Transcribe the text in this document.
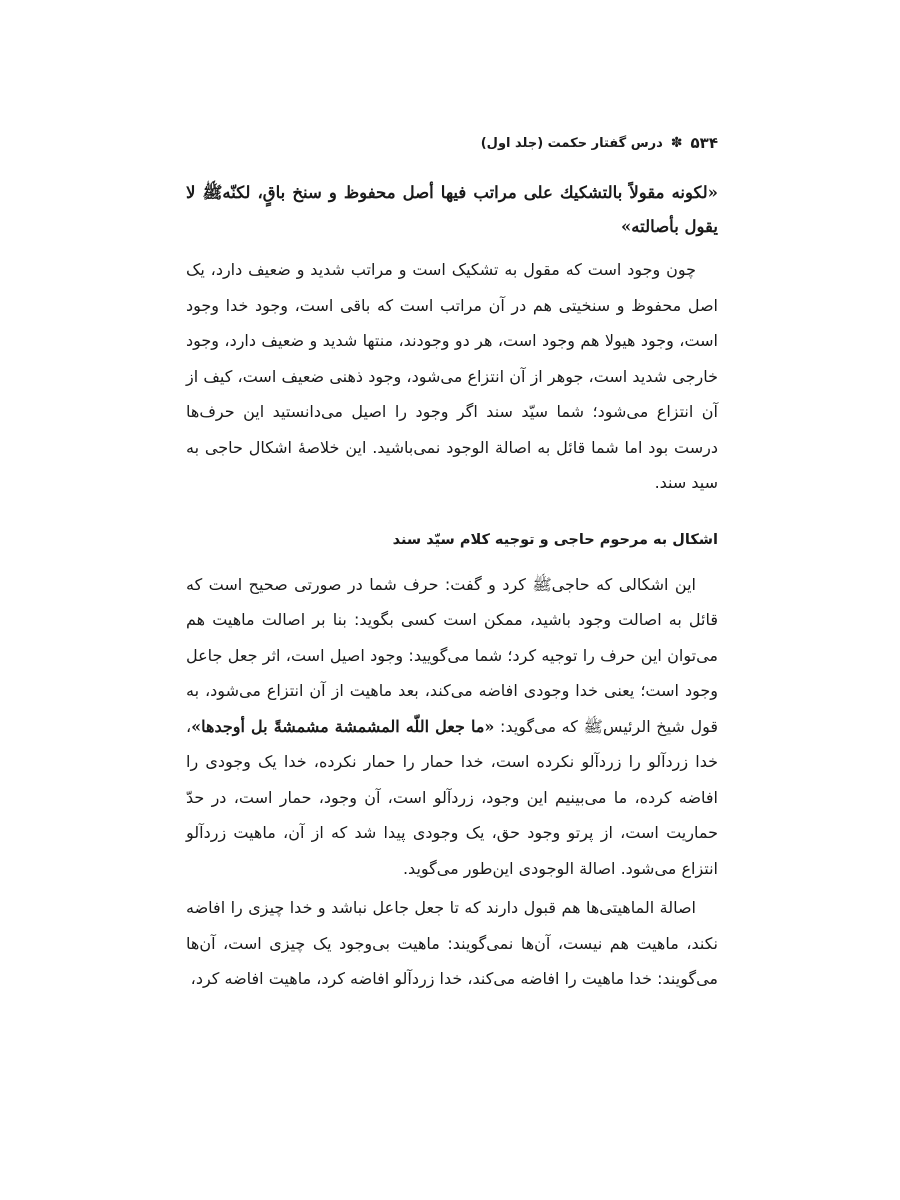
۵۳۴
✽
درس گفتار حکمت (جلد اول)

«لکونه مقولاً بالتشکیك علی مراتب فیها أصل محفوظ و سنخ باقٍ، لکنّهﷺ لا یقول بأصالته»

چون وجود است که مقول به تشکیک است و مراتب شدید و ضعیف دارد، یک اصل محفوظ و سنخیتی هم در آن مراتب است که باقی است، وجود خدا وجود است، وجود هیولا هم وجود است، هر دو وجودند، منتها شدید و ضعیف دارد، وجود خارجی شدید است، جوهر از آن انتزاع می‌شود، وجود ذهنی ضعیف است، کیف از آن انتزاع می‌شود؛ شما سیّد سند اگر وجود را اصیل می‌دانستید این حرف‌ها درست بود اما شما قائل به اصالة الوجود نمی‌باشید. این خلاصهٔ اشکال حاجی به سید سند.

اشکال به مرحوم حاجی و توجیه کلام سیّد سند

این اشکالی که حاجیﷺ کرد و گفت: حرف شما در صورتی صحیح است که قائل به اصالت وجود باشید، ممکن است کسی بگوید: بنا بر اصالت ماهیت هم می‌توان این حرف را توجیه کرد؛ شما می‌گویید: وجود اصیل است، اثر جعل جاعل وجود است؛ یعنی خدا وجودی افاضه می‌کند، بعد ماهیت از آن انتزاع می‌شود، به قول شیخ الرئیسﷺ که می‌گوید: «ما جعل اللّه المشمشة مشمشةً بل أوجدها»، خدا زردآلو را زردآلو نکرده است، خدا حمار را حمار نکرده، خدا یک وجودی را افاضه کرده، ما می‌بینیم این وجود، زردآلو است، آن وجود، حمار است، در حدّ حماریت است، از پرتو وجود حق، یک وجودی پیدا شد که از آن، ماهیت زردآلو انتزاع می‌شود. اصالة الوجودی این‌طور می‌گوید.

اصالة الماهیتی‌ها هم قبول دارند که تا جعل جاعل نباشد و خدا چیزی را افاضه نکند، ماهیت هم نیست، آن‌ها نمی‌گویند: ماهیت بی‌وجود یک چیزی است، آن‌ها می‌گویند: خدا ماهیت را افاضه می‌کند، خدا زردآلو افاضه کرد، ماهیت افاضه کرد،
